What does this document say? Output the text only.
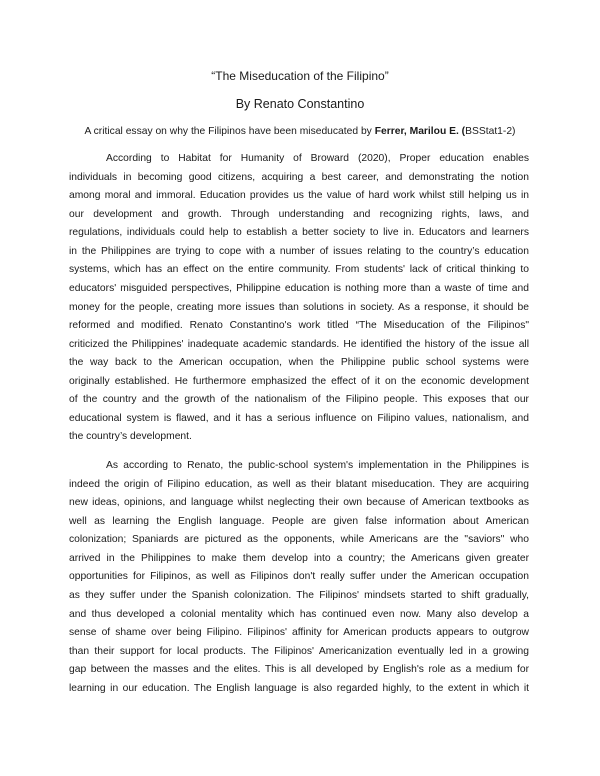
“The Miseducation of the Filipino”
By Renato Constantino
A critical essay on why the Filipinos have been miseducated by Ferrer, Marilou E. (BSStat1-2)
According to Habitat for Humanity of Broward (2020), Proper education enables
individuals in becoming good citizens, acquiring a best career, and demonstrating the notion
among moral and immoral. Education provides us the value of hard work whilst still helping us in
our development and growth. Through understanding and recognizing rights, laws, and
regulations, individuals could help to establish a better society to live in. Educators and learners
in the Philippines are trying to cope with a number of issues relating to the country’s education
systems, which has an effect on the entire community. From students' lack of critical thinking to
educators' misguided perspectives, Philippine education is nothing more than a waste of time and
money for the people, creating more issues than solutions in society. As a response, it should be
reformed and modified. Renato Constantino's work titled “The Miseducation of the Filipinos"
criticized the Philippines' inadequate academic standards. He identified the history of the issue all
the way back to the American occupation, when the Philippine public school systems were
originally established. He furthermore emphasized the effect of it on the economic development
of the country and the growth of the nationalism of the Filipino people. This exposes that our
educational system is flawed, and it has a serious influence on Filipino values, nationalism, and
the country’s development.
As according to Renato, the public-school system's implementation in the Philippines is
indeed the origin of Filipino education, as well as their blatant miseducation. They are acquiring
new ideas, opinions, and language whilst neglecting their own because of American textbooks as
well as learning the English language. People are given false information about American
colonization; Spaniards are pictured as the opponents, while Americans are the "saviors" who
arrived in the Philippines to make them develop into a country; the Americans given greater
opportunities for Filipinos, as well as Filipinos don't really suffer under the American occupation
as they suffer under the Spanish colonization. The Filipinos' mindsets started to shift gradually,
and thus developed a colonial mentality which has continued even now. Many also develop a
sense of shame over being Filipino. Filipinos' affinity for American products appears to outgrow
than their support for local products. The Filipinos' Americanization eventually led in a growing
gap between the masses and the elites. This is all developed by English's role as a medium for
learning in our education. The English language is also regarded highly, to the extent in which it
